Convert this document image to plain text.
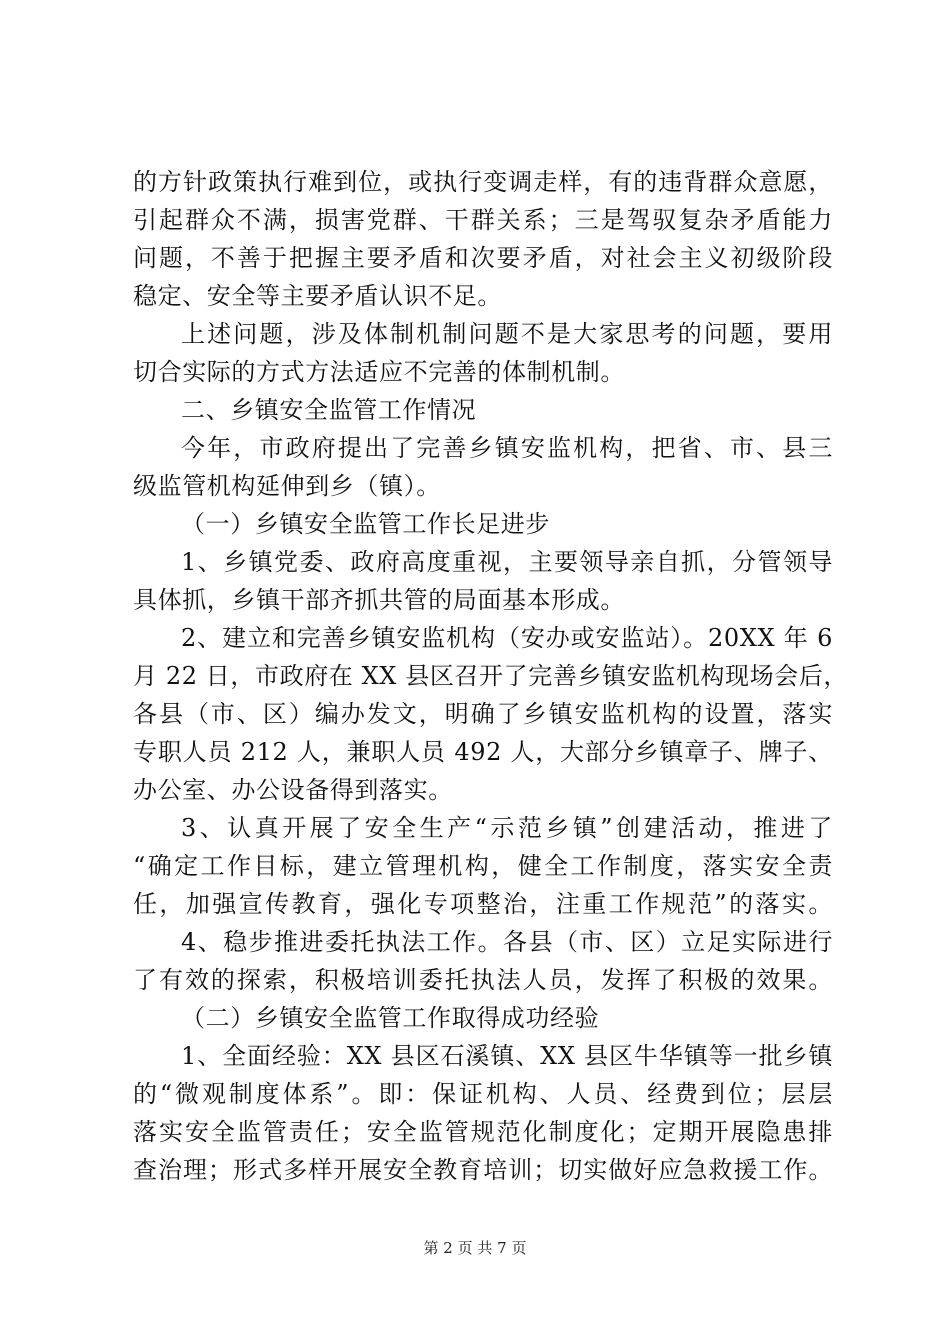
的方针政策执行难到位，或执行变调走样，有的违背群众意愿，
引起群众不满，损害党群、干群关系；三是驾驭复杂矛盾能力
问题，不善于把握主要矛盾和次要矛盾，对社会主义初级阶段
稳定、安全等主要矛盾认识不足。
上述问题，涉及体制机制问题不是大家思考的问题，要用
切合实际的方式方法适应不完善的体制机制。
二、乡镇安全监管工作情况
今年，市政府提出了完善乡镇安监机构，把省、市、县三
级监管机构延伸到乡（镇）。
（一）乡镇安全监管工作长足进步
1、乡镇党委、政府高度重视，主要领导亲自抓，分管领导
具体抓，乡镇干部齐抓共管的局面基本形成。
2、建立和完善乡镇安监机构（安办或安监站）。20XX 年 6
月 22 日，市政府在 XX 县区召开了完善乡镇安监机构现场会后，
各县（市、区）编办发文，明确了乡镇安监机构的设置，落实
专职人员 212 人，兼职人员 492 人，大部分乡镇章子、牌子、
办公室、办公设备得到落实。
3、认真开展了安全生产“示范乡镇”创建活动，推进了
“确定工作目标，建立管理机构，健全工作制度，落实安全责
任，加强宣传教育，强化专项整治，注重工作规范”的落实。
4、稳步推进委托执法工作。各县（市、区）立足实际进行
了有效的探索，积极培训委托执法人员，发挥了积极的效果。
（二）乡镇安全监管工作取得成功经验
1、全面经验：XX 县区石溪镇、XX 县区牛华镇等一批乡镇
的“微观制度体系”。即：保证机构、人员、经费到位；层层
落实安全监管责任；安全监管规范化制度化；定期开展隐患排
查治理；形式多样开展安全教育培训；切实做好应急救援工作。
第 2 页 共 7 页
